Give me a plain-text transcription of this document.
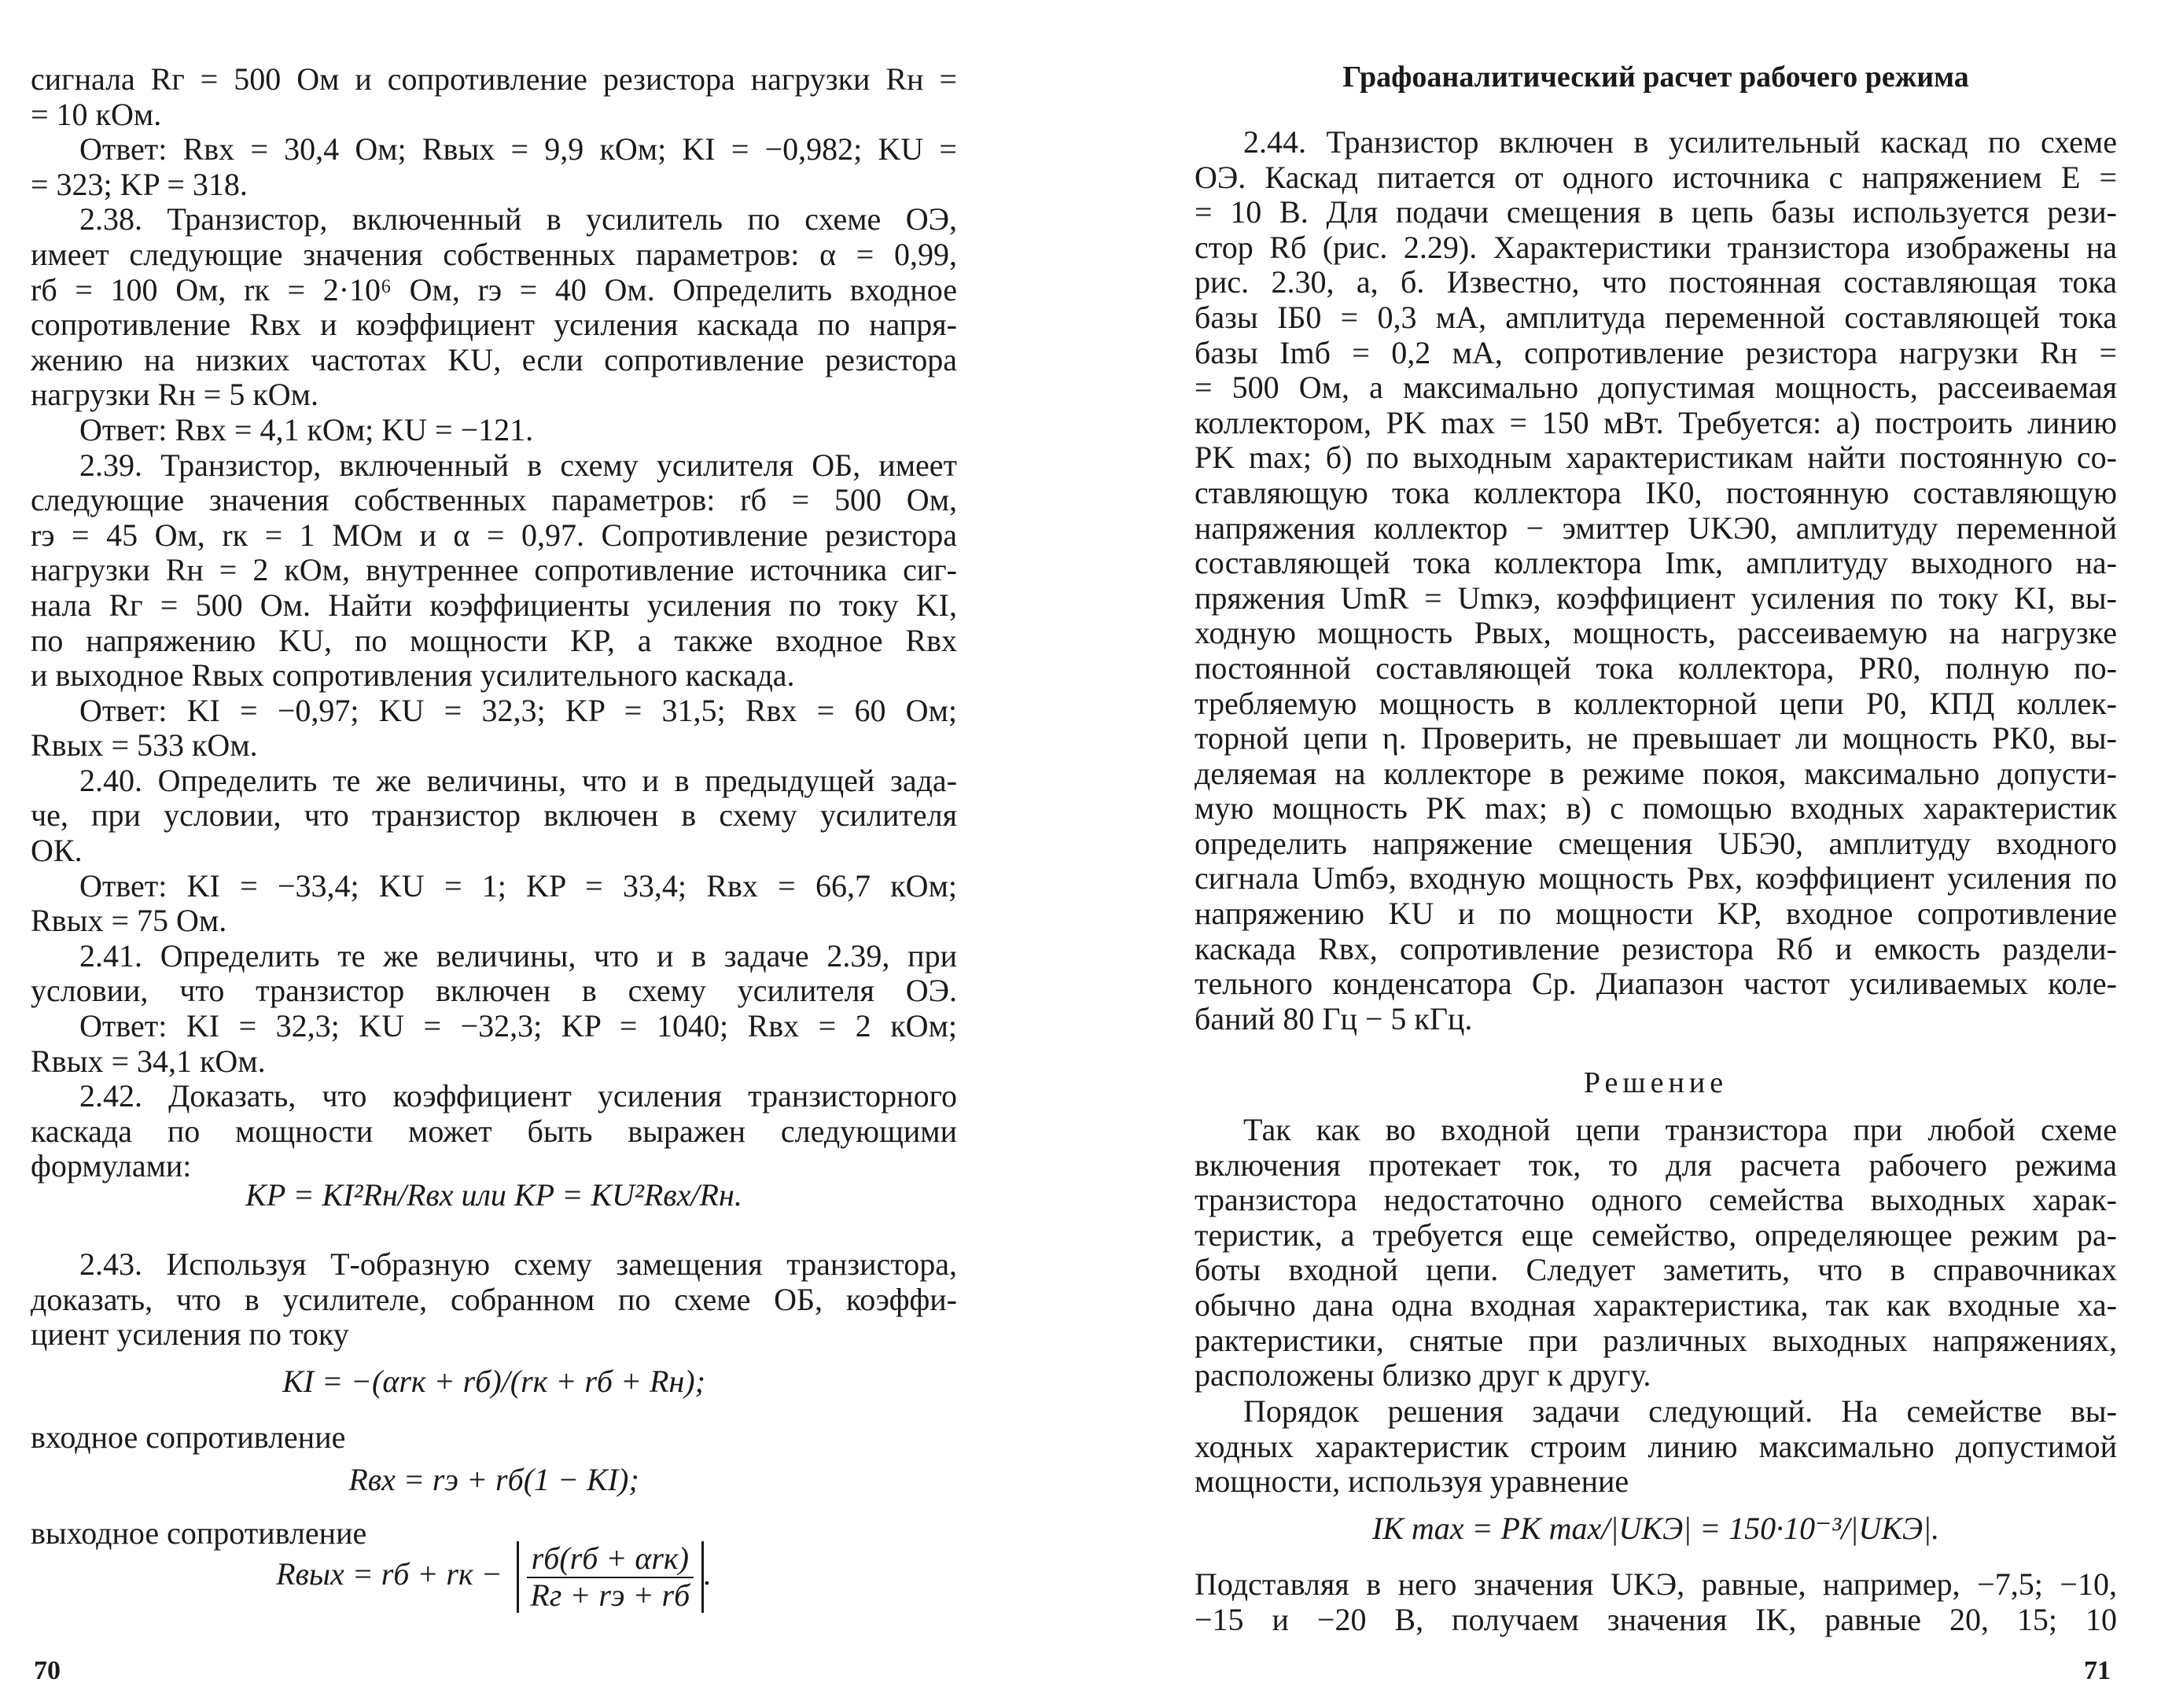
Rвых = rб + rк − $\frac{\text{rб(rб + αrк)}}{Rг + rэ + rб}$ .
сигнала Rг = 500 Ом и сопротивление резистора нагрузки Rн =
= 10 кОм.
Ответ: Rвх = 30,4 Ом; Rвых = 9,9 кОм; KI = −0,982; KU =
= 323; KP = 318.
2.38. Транзистор, включенный в усилитель по схеме ОЭ,
имеет следующие значения собственных параметров: α = 0,99,
rб = 100 Ом, rк = 2·10⁶ Ом, rэ = 40 Ом. Определить входное
сопротивление Rвх и коэффициент усиления каскада по напря-
жению на низких частотах KU, если сопротивление резистора
нагрузки Rн = 5 кОм.
Ответ: Rвх = 4,1 кОм; KU = −121.
2.39. Транзистор, включенный в схему усилителя ОБ, имеет
следующие значения собственных параметров: rб = 500 Ом,
rэ = 45 Ом, rк = 1 МОм и α = 0,97. Сопротивление резистора
нагрузки Rн = 2 кОм, внутреннее сопротивление источника сиг-
нала Rг = 500 Ом. Найти коэффициенты усиления по току KI,
по напряжению KU, по мощности KP, а также входное Rвх
и выходное Rвых сопротивления усилительного каскада.
Ответ: KI = −0,97; KU = 32,3; KP = 31,5; Rвх = 60 Ом;
Rвых = 533 кОм.
2.40. Определить те же величины, что и в предыдущей зада-
че, при условии, что транзистор включен в схему усилителя
ОК.
Ответ: KI = −33,4; KU = 1; KP = 33,4; Rвх = 66,7 кОм;
Rвых = 75 Ом.
2.41. Определить те же величины, что и в задаче 2.39, при
условии, что транзистор включен в схему усилителя ОЭ.
Ответ: KI = 32,3; KU = −32,3; KP = 1040; Rвх = 2 кОм;
Rвых = 34,1 кОм.
2.42. Доказать, что коэффициент усиления транзисторного
каскада по мощности может быть выражен следующими
формулами:
KP = KI²Rн/Rвх или KP = KU²Rвх/Rн.
2.43. Используя Т-образную схему замещения транзистора,
доказать, что в усилителе, собранном по схеме ОБ, коэффи-
циент усиления по току
KI = −(αrк + rб)/(rк + rб + Rн);
входное сопротивление
Rвх = rэ + rб(1 − KI);
выходное сопротивление
70
Графоаналитический расчет рабочего режима
2.44. Транзистор включен в усилительный каскад по схеме
ОЭ. Каскад питается от одного источника с напряжением E =
= 10 В. Для подачи смещения в цепь базы используется рези-
стор Rб (рис. 2.29). Характеристики транзистора изображены на
рис. 2.30, а, б. Известно, что постоянная составляющая тока
базы IБ0 = 0,3 мА, амплитуда переменной составляющей тока
базы Imб = 0,2 мА, сопротивление резистора нагрузки Rн =
= 500 Ом, а максимально допустимая мощность, рассеиваемая
коллектором, PK max = 150 мВт. Требуется: а) построить линию
PK max; б) по выходным характеристикам найти постоянную со-
ставляющую тока коллектора IK0, постоянную составляющую
напряжения коллектор − эмиттер UKЭ0, амплитуду переменной
составляющей тока коллектора Imк, амплитуду выходного на-
пряжения UmR = Umкэ, коэффициент усиления по току KI, вы-
ходную мощность Pвых, мощность, рассеиваемую на нагрузке
постоянной составляющей тока коллектора, PR0, полную по-
требляемую мощность в коллекторной цепи P0, КПД коллек-
торной цепи η. Проверить, не превышает ли мощность PK0, вы-
деляемая на коллекторе в режиме покоя, максимально допусти-
мую мощность PK max; в) с помощью входных характеристик
определить напряжение смещения UБЭ0, амплитуду входного
сигнала Umбэ, входную мощность Pвх, коэффициент усиления по
напряжению KU и по мощности KP, входное сопротивление
каскада Rвх, сопротивление резистора Rб и емкость раздели-
тельного конденсатора Cр. Диапазон частот усиливаемых коле-
баний 80 Гц − 5 кГц.
Решение
Так как во входной цепи транзистора при любой схеме
включения протекает ток, то для расчета рабочего режима
транзистора недостаточно одного семейства выходных харак-
теристик, а требуется еще семейство, определяющее режим ра-
боты входной цепи. Следует заметить, что в справочниках
обычно дана одна входная характеристика, так как входные ха-
рактеристики, снятые при различных выходных напряжениях,
расположены близко друг к другу.
Порядок решения задачи следующий. На семействе вы-
ходных характеристик строим линию максимально допустимой
мощности, используя уравнение
IK max = PK max/|UKЭ| = 150·10⁻³/|UKЭ|.
Подставляя в него значения UKЭ, равные, например, −7,5; −10,
−15 и −20 В, получаем значения IK, равные 20, 15; 10
71
